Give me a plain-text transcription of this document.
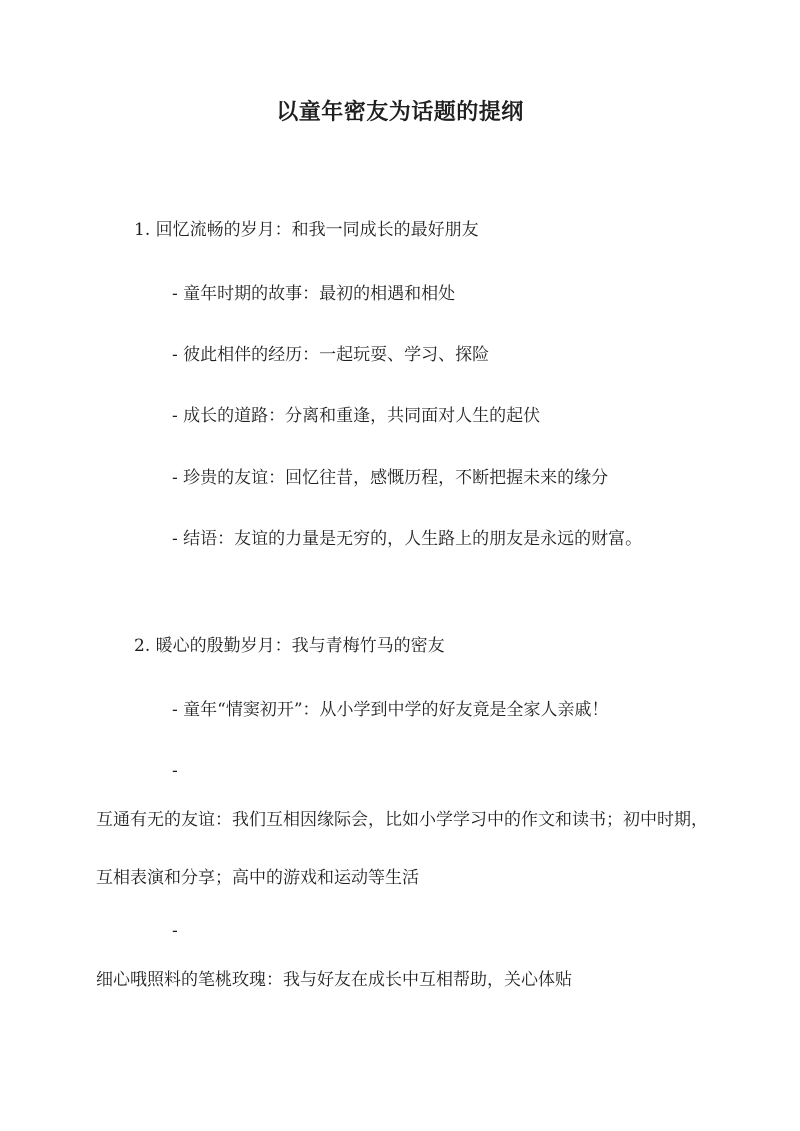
以童年密友为话题的提纲

1. 回忆流畅的岁月：和我一同成长的最好朋友

- 童年时期的故事：最初的相遇和相处

- 彼此相伴的经历：一起玩耍、学习、探险

- 成长的道路：分离和重逢，共同面对人生的起伏

- 珍贵的友谊：回忆往昔，感慨历程，不断把握未来的缘分

- 结语：友谊的力量是无穷的，人生路上的朋友是永远的财富。

2. 暖心的殷勤岁月：我与青梅竹马的密友

- 童年“情窦初开”：从小学到中学的好友竟是全家人亲戚！

-

互通有无的友谊：我们互相因缘际会，比如小学学习中的作文和读书；初中时期，互相表演和分享；高中的游戏和运动等生活

-

细心哦照料的笔桃玫瑰：我与好友在成长中互相帮助，关心体贴
